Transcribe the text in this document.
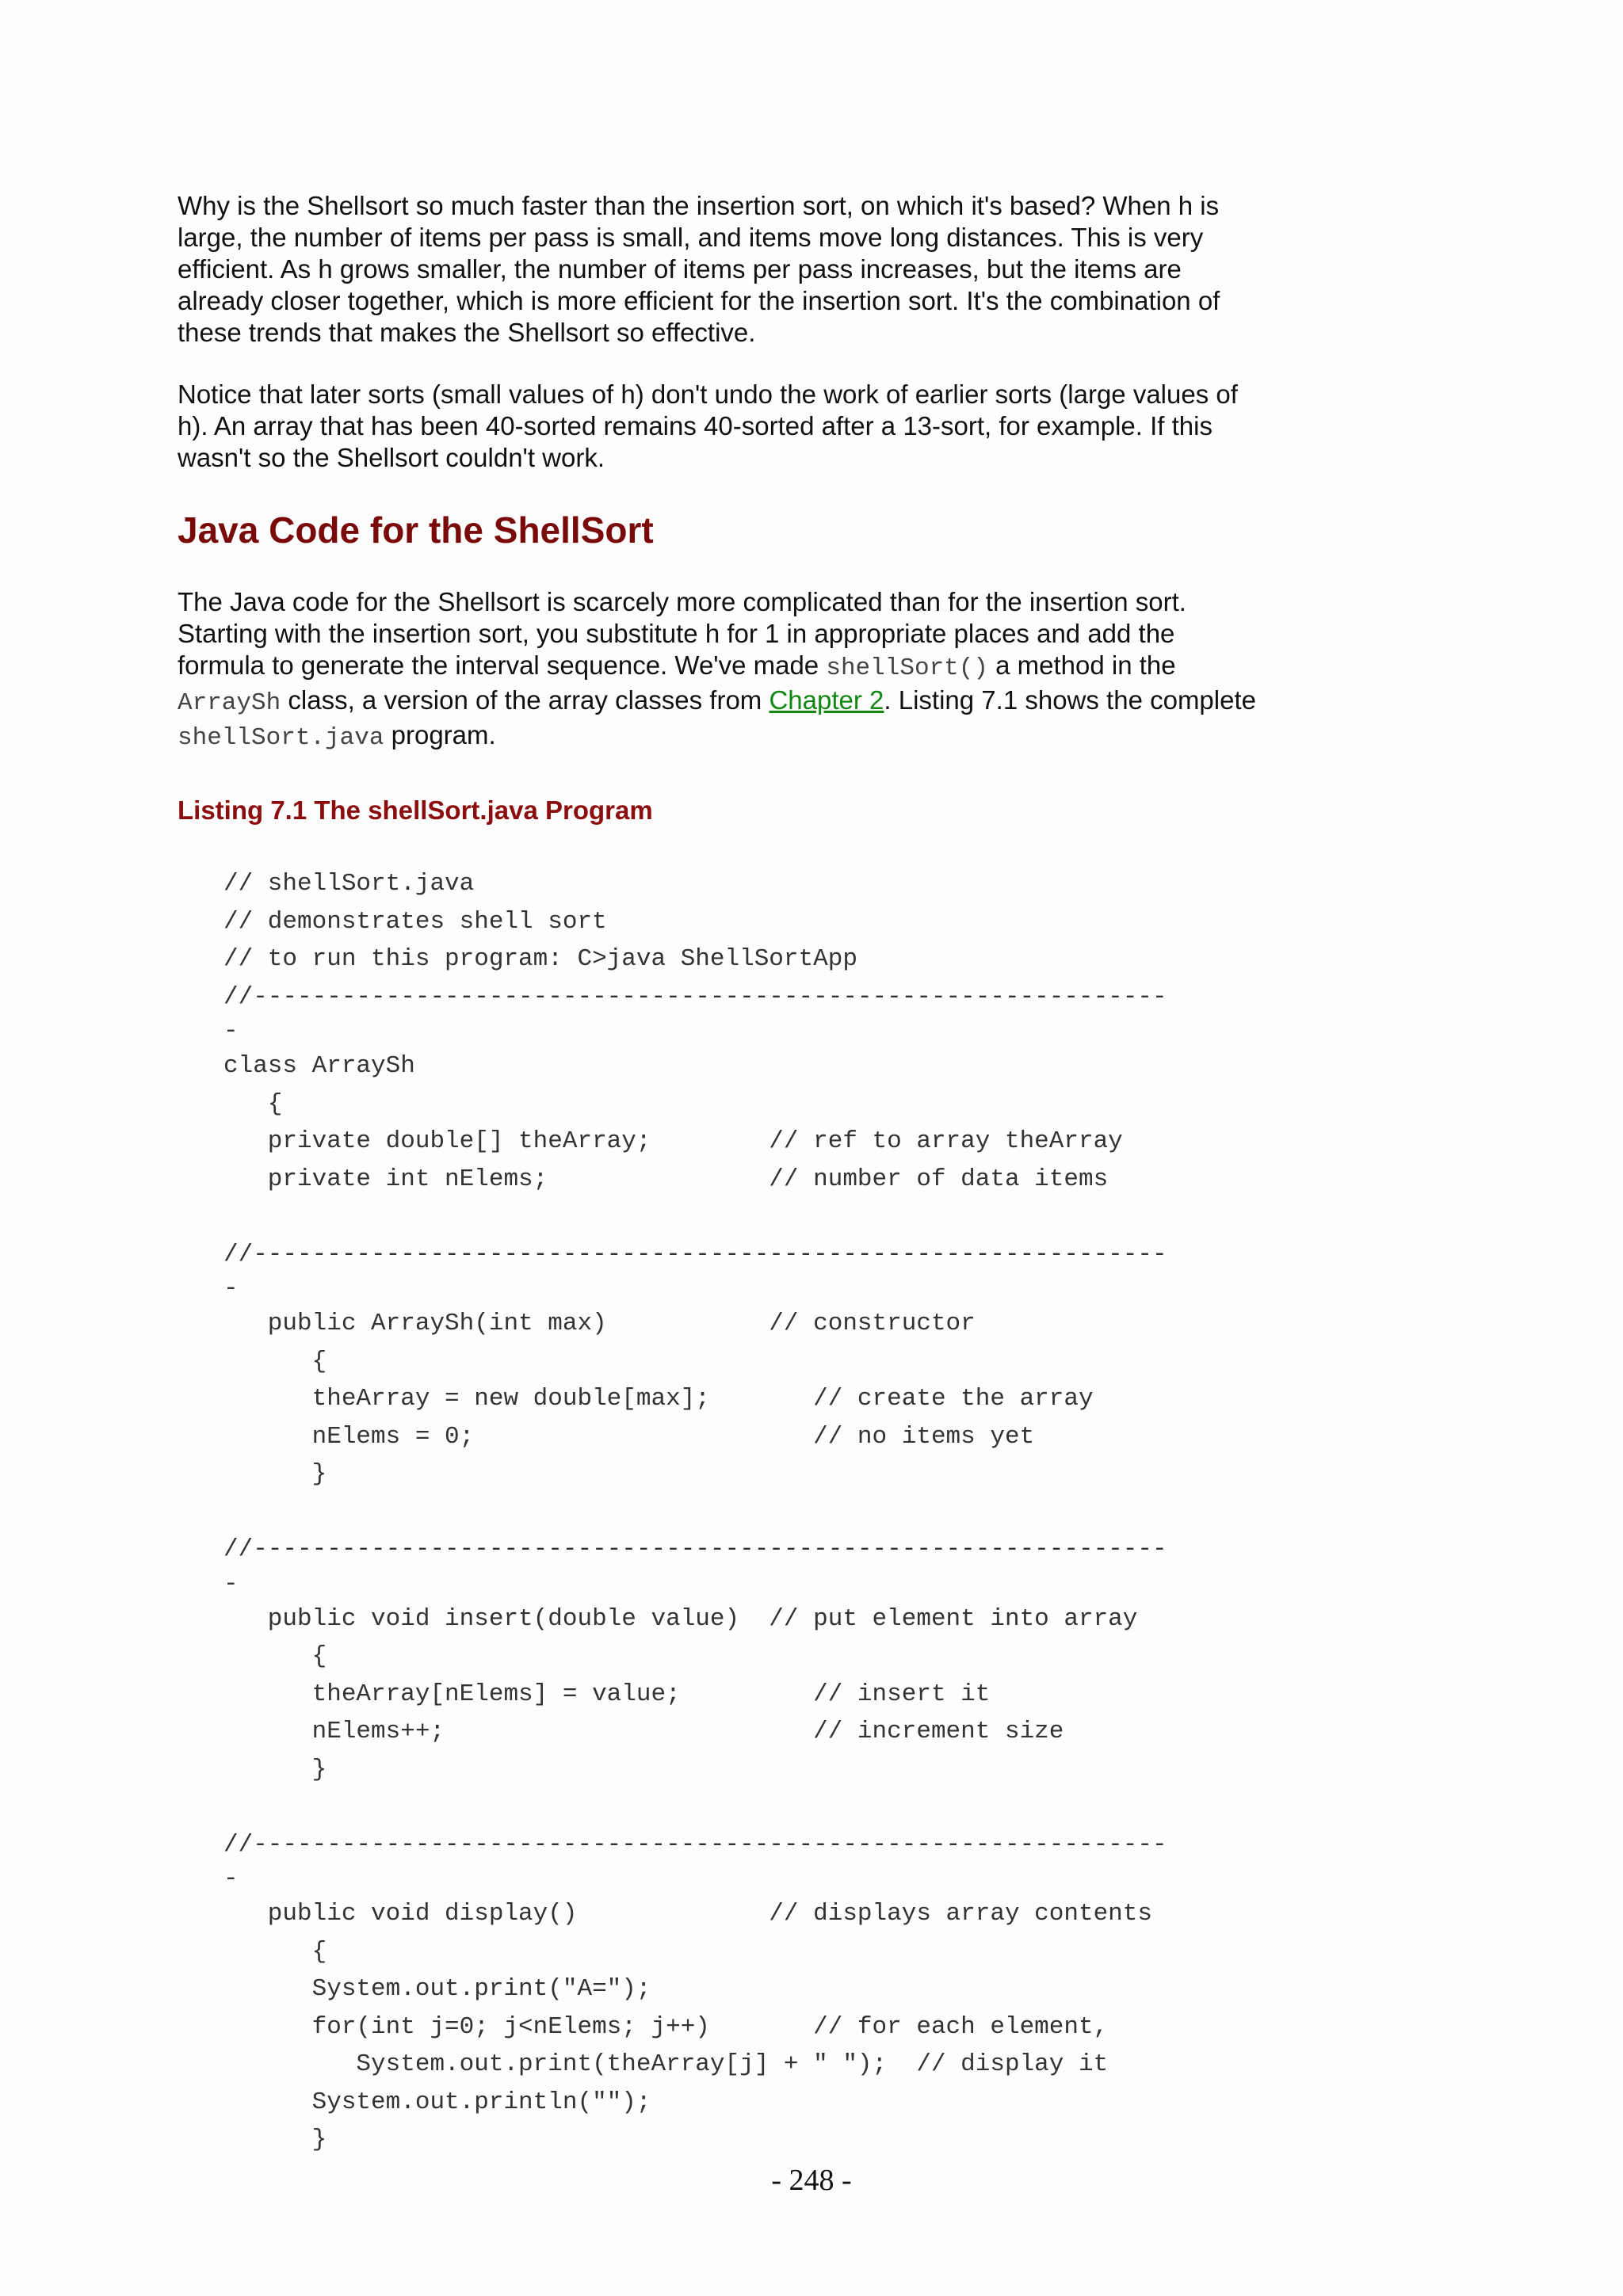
Why is the Shellsort so much faster than the insertion sort, on which it's based? When h is large, the number of items per pass is small, and items move long distances. This is very efficient. As h grows smaller, the number of items per pass increases, but the items are already closer together, which is more efficient for the insertion sort. It's the combination of these trends that makes the Shellsort so effective.

Notice that later sorts (small values of h) don't undo the work of earlier sorts (large values of h). An array that has been 40-sorted remains 40-sorted after a 13-sort, for example. If this wasn't so the Shellsort couldn't work.

Java Code for the ShellSort

The Java code for the Shellsort is scarcely more complicated than for the insertion sort. Starting with the insertion sort, you substitute h for 1 in appropriate places and add the formula to generate the interval sequence. We've made shellSort() a method in the ArraySh class, a version of the array classes from Chapter 2. Listing 7.1 shows the complete shellSort.java program.

Listing 7.1 The shellSort.java Program
// shellSort.java
// demonstrates shell sort
// to run this program: C>java ShellSortApp
//--------------------------------------------------------------
-
class ArraySh
{
private double[] theArray;        // ref to array theArray
private int nElems;               // number of data items

//--------------------------------------------------------------
-
public ArraySh(int max)           // constructor
{
theArray = new double[max];       // create the array
nElems = 0;                       // no items yet
}

//--------------------------------------------------------------
-
public void insert(double value)  // put element into array
{
theArray[nElems] = value;         // insert it
nElems++;                         // increment size
}

//--------------------------------------------------------------
-
public void display()             // displays array contents
{
System.out.print("A=");
for(int j=0; j<nElems; j++)       // for each element,
System.out.print(theArray[j] + " ");  // display it
System.out.println("");
}
- 248 -
